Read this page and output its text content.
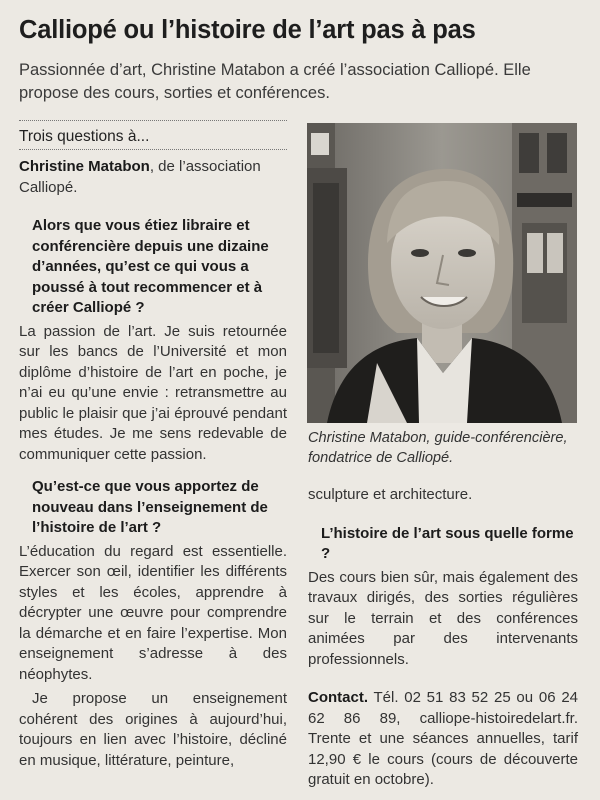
Calliopé ou l’histoire de l’art pas à pas
Passionnée d’art, Christine Matabon a créé l’association Calliopé. Elle propose des cours, sorties et conférences.
Trois questions à...
Christine Matabon, de l’association Calliopé.
Christine Matabon, guide-conférencière, fondatrice de Calliopé.

Alors que vous étiez libraire et conférencière depuis une dizaine d’années, qu’est ce qui vous a poussé à tout recommencer et à créer Calliopé ?

La passion de l’art. Je suis retournée sur les bancs de l’Université et mon diplôme d’histoire de l’art en poche, je n’ai eu qu’une envie : retransmettre au public le plaisir que j’ai éprouvé pendant mes études. Je me sens redevable de communiquer cette passion.

Qu’est-ce que vous apportez de nouveau dans l’enseignement de l’histoire de l’art ?

L’éducation du regard est essentielle. Exercer son œil, identifier les différents styles et les écoles, apprendre à décrypter une œuvre pour comprendre la démarche et en faire l’expertise. Mon enseignement s’adresse à des néophytes.

Je propose un enseignement cohérent des origines à aujourd’hui, toujours en lien avec l’histoire, décliné en musique, littérature, peinture,

sculpture et architecture.

L’histoire de l’art sous quelle forme ?

Des cours bien sûr, mais également des travaux dirigés, des sorties régulières sur le terrain et des conférences animées par des intervenants professionnels.

Contact. Tél. 02 51 83 52 25 ou 06 24 62 86 89, calliope-histoiredelart.fr. Trente et une séances annuelles, tarif 12,90 € le cours (cours de découverte gratuit en octobre).
